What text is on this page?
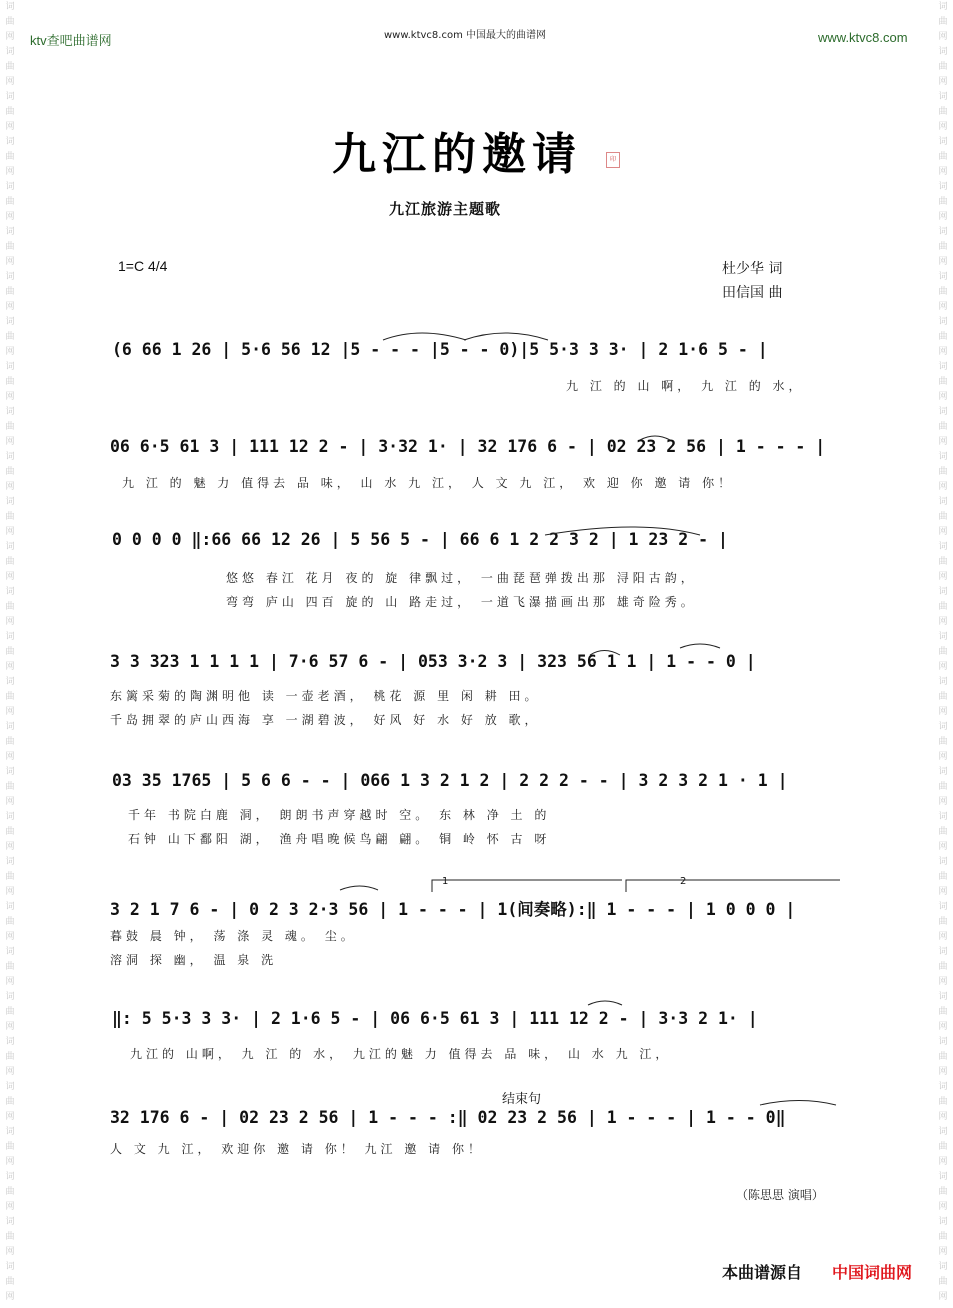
词
曲
网
词
曲
网
词
曲
网
词
曲
网
词
曲
网
词
曲
网
词
曲
网
词
曲
网
词
曲
网
词
曲
网
词
曲
网
词
曲
网
词
曲
网
词
曲
网
词
曲
网
词
曲
网
词
曲
网
词
曲
网
词
曲
网
词
曲
网
词
曲
网
词
曲
网
词
曲
网
词
曲
网
词
曲
网
词
曲
网
词
曲
网
词
曲
网
词
曲
网
词
曲
网
词
曲
网
词
曲
网
词
曲
网
词
曲
网
词
曲
网
词
曲
网
词
曲
网
词
曲
网
词
曲
网
词
曲
网
词
曲
网
词
曲
网
词
曲
网
词
曲
网
词
曲
网
词
曲
网
词
曲
网
词
曲
网
词
曲
网
词
曲
网
词
曲
网
词
曲
网
词
曲
网
词
曲
网
词
曲
网
词
曲
网
词
曲
网
词
曲
网
ktv查吧曲谱网	www.ktvc8.com 中国最大的曲谱网	www.ktvc8.com
九江的邀请	印
九江旅游主题歌
1=C 4/4	杜少华 词
田信国 曲
(6 66 1 26 | 5·6 56 12 |5 - - - |5 - - 0)|5 5·3 3 3· | 2 1·6 5 - |
九 江 的 山 啊， 九 江 的 水，
06 6·5 61 3 | 111 12 2 - | 3·32 1· | 32 176 6 - | 02 23 2 56 | 1 - - - |
九 江 的 魅 力 值得去 品 味， 山 水 九 江， 人 文 九 江， 欢 迎 你 邀 请 你！
0 0 0 0 ‖:66 66 12 26 | 5 56 5 - | 66 6 1 2 2 3 2 | 1 23 2 - |
悠悠 春江 花月 夜的 旋 律飘过， 一曲琵琶弹拨出那 浔阳古韵，
弯弯 庐山 四百 旋的 山 路走过， 一道飞瀑描画出那 雄奇险秀。
3 3 323 1 1 1 1 | 7·6 57 6 - | 053 3·2 3 | 323 56 1 1 | 1 - - 0 |
东篱采菊的陶渊明他 读 一壶老酒， 桃花 源 里 闲 耕 田。
千岛拥翠的庐山西海 享 一湖碧波， 好风 好 水 好 放 歌，
03 35 1765 | 5 6 6 - - | 066 1 3 2 1 2 | 2 2 2 - - | 3 2 3 2 1 · 1 |
千年 书院白鹿 洞， 朗朗书声穿越时 空。 东 林 净 土 的
石钟 山下鄱阳 湖， 渔舟唱晚候鸟翩 翩。 铜 岭 怀 古 呀
1	2
3 2 1 7 6 - | 0 2 3 2·3 56 | 1 - - - | 1(间奏略):‖ 1 - - - | 1 0 0 0 |
暮鼓 晨 钟， 荡 涤 灵 魂。 尘。
溶洞 探 幽， 温 泉 洗
‖: 5 5·3 3 3· | 2 1·6 5 - | 06 6·5 61 3 | 111 12 2 - | 3·3 2 1· |
九江的 山啊， 九 江 的 水， 九江的魅 力 值得去 品 味， 山 水 九 江，
结束句
32 176 6 - | 02 23 2 56 | 1 - - - :‖ 02 23 2 56 | 1 - - - | 1 - - 0‖
人 文 九 江， 欢迎你 邀 请 你！ 九江 邀 请 你！
（陈思思 演唱）
本曲谱源自 中国词曲网
